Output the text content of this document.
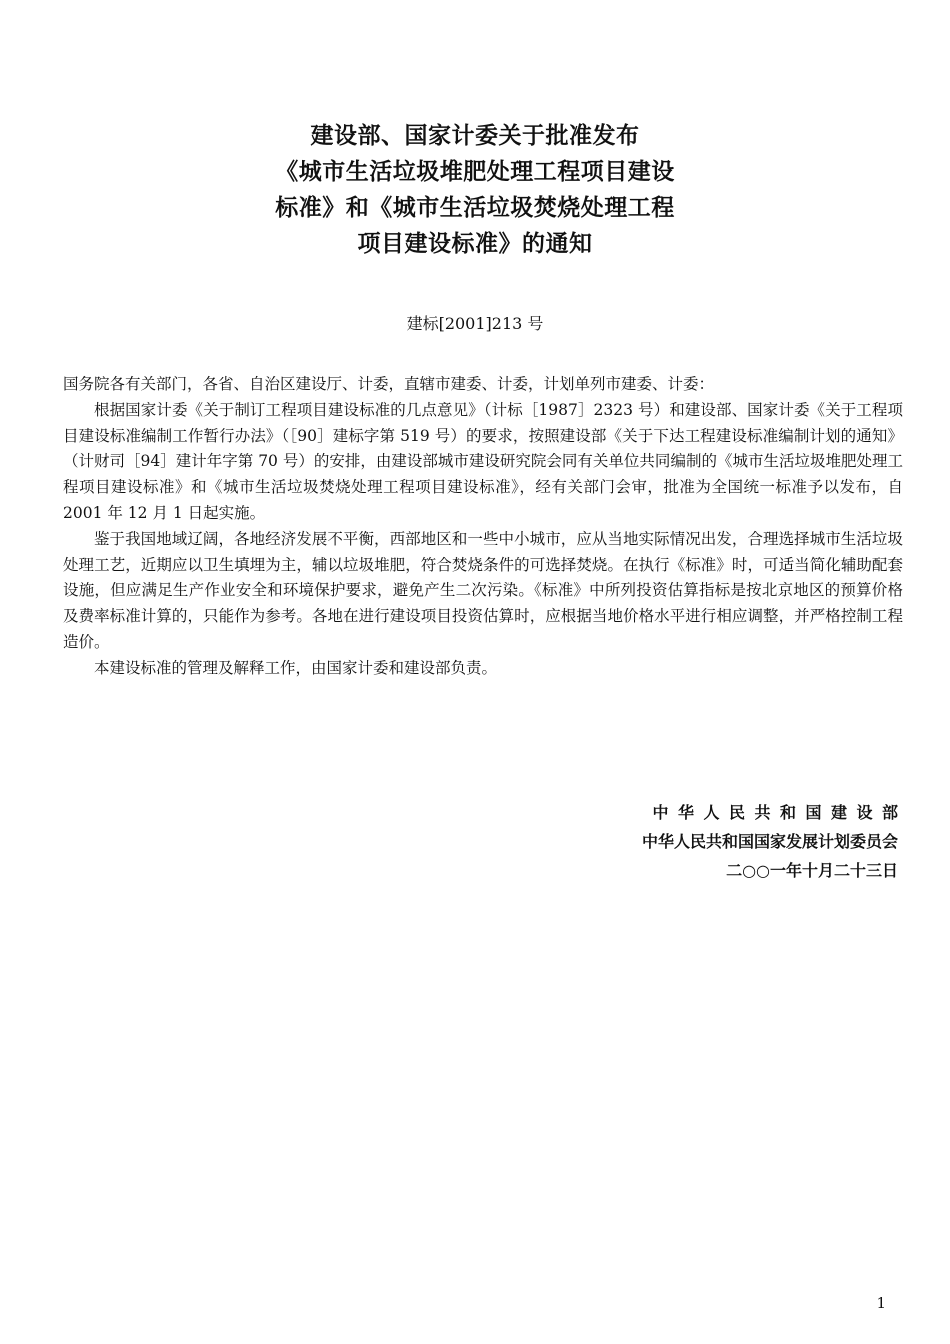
建设部、国家计委关于批准发布
《城市生活垃圾堆肥处理工程项目建设
标准》和《城市生活垃圾焚烧处理工程
项目建设标准》的通知
建标[2001]213 号

国务院各有关部门，各省、自治区建设厅、计委，直辖市建委、计委，计划单列市建委、计委：

根据国家计委《关于制订工程项目建设标准的几点意见》（计标［1987］2323 号）和建设部、国家计委《关于工程项目建设标准编制工作暂行办法》（［90］建标字第 519 号）的要求，按照建设部《关于下达工程建设标准编制计划的通知》（计财司［94］建计年字第 70 号）的安排，由建设部城市建设研究院会同有关单位共同编制的《城市生活垃圾堆肥处理工程项目建设标准》和《城市生活垃圾焚烧处理工程项目建设标准》，经有关部门会审，批准为全国统一标准予以发布，自 2001 年 12 月 1 日起实施。

鉴于我国地域辽阔，各地经济发展不平衡，西部地区和一些中小城市，应从当地实际情况出发，合理选择城市生活垃圾处理工艺，近期应以卫生填埋为主，辅以垃圾堆肥，符合焚烧条件的可选择焚烧。在执行《标准》时，可适当简化辅助配套设施，但应满足生产作业安全和环境保护要求，避免产生二次污染。《标准》中所列投资估算指标是按北京地区的预算价格及费率标准计算的，只能作为参考。各地在进行建设项目投资估算时，应根据当地价格水平进行相应调整，并严格控制工程造价。

本建设标准的管理及解释工作，由国家计委和建设部负责。

中华人民共和国建设部
中华人民共和国国家发展计划委员会
二○○一年十月二十三日
1
